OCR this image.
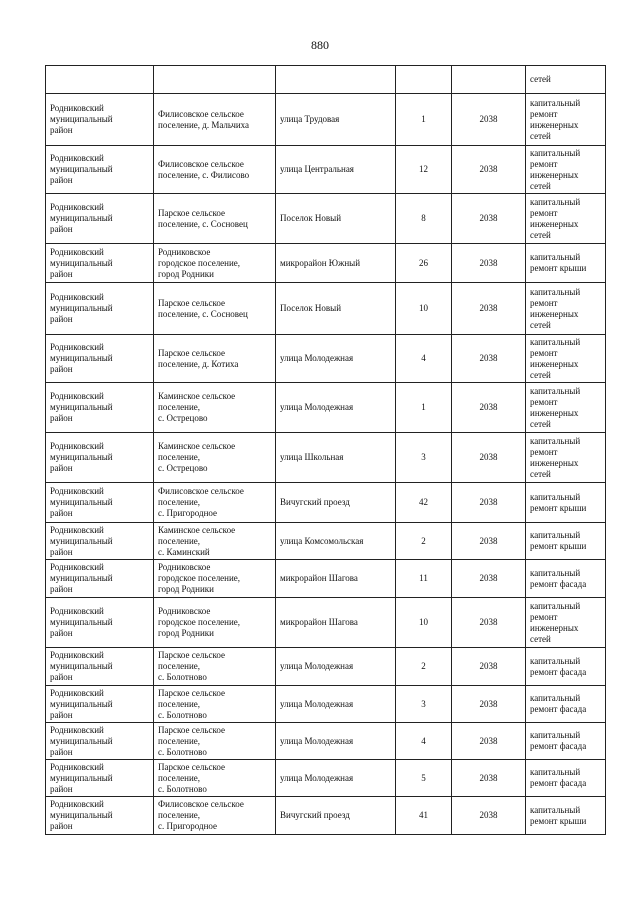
880
					сетей
Родниковский
муниципальный
район	Филисовское сельское
поселение, д. Мальчиха	улица Трудовая	1	2038	капитальный
ремонт
инженерных
сетей
Родниковский
муниципальный
район	Филисовское сельское
поселение, с. Филисово	улица Центральная	12	2038	капитальный
ремонт
инженерных
сетей
Родниковский
муниципальный
район	Парское сельское
поселение, с. Сосновец	Поселок Новый	8	2038	капитальный
ремонт
инженерных
сетей
Родниковский
муниципальный
район	Родниковское
городское поселение,
город Родники	микрорайон Южный	26	2038	капитальный
ремонт крыши
Родниковский
муниципальный
район	Парское сельское
поселение, с. Сосновец	Поселок Новый	10	2038	капитальный
ремонт
инженерных
сетей
Родниковский
муниципальный
район	Парское сельское
поселение, д. Котиха	улица Молодежная	4	2038	капитальный
ремонт
инженерных
сетей
Родниковский
муниципальный
район	Каминское сельское
поселение,
с. Острецово	улица Молодежная	1	2038	капитальный
ремонт
инженерных
сетей
Родниковский
муниципальный
район	Каминское сельское
поселение,
с. Острецово	улица Школьная	3	2038	капитальный
ремонт
инженерных
сетей
Родниковский
муниципальный
район	Филисовское сельское
поселение,
с. Пригородное	Вичугский проезд	42	2038	капитальный
ремонт крыши
Родниковский
муниципальный
район	Каминское сельское
поселение,
с. Каминский	улица Комсомольская	2	2038	капитальный
ремонт крыши
Родниковский
муниципальный
район	Родниковское
городское поселение,
город Родники	микрорайон Шагова	11	2038	капитальный
ремонт фасада
Родниковский
муниципальный
район	Родниковское
городское поселение,
город Родники	микрорайон Шагова	10	2038	капитальный
ремонт
инженерных
сетей
Родниковский
муниципальный
район	Парское сельское
поселение,
с. Болотново	улица Молодежная	2	2038	капитальный
ремонт фасада
Родниковский
муниципальный
район	Парское сельское
поселение,
с. Болотново	улица Молодежная	3	2038	капитальный
ремонт фасада
Родниковский
муниципальный
район	Парское сельское
поселение,
с. Болотново	улица Молодежная	4	2038	капитальный
ремонт фасада
Родниковский
муниципальный
район	Парское сельское
поселение,
с. Болотново	улица Молодежная	5	2038	капитальный
ремонт фасада
Родниковский
муниципальный
район	Филисовское сельское
поселение,
с. Пригородное	Вичугский проезд	41	2038	капитальный
ремонт крыши
